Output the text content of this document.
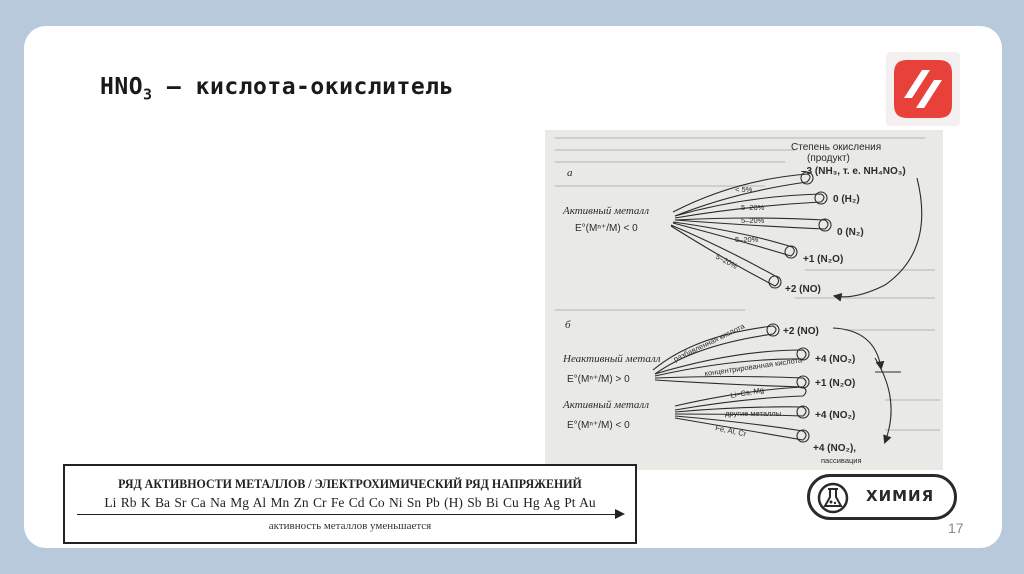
$HNO_3$ – кислота-окислитель
Степень окисления
(продукт)
а
Активный металл
E°(Mⁿ⁺/M) < 0
< 5%
5–20%
5–20%
5–20%
5–20%
–3 (NH₃, т. е. NH₄NO₃)
0 (H₂)
0 (N₂)
+1 (N₂O)
+2 (NO)
б
Неактивный металл
E°(Mⁿ⁺/M) > 0
Активный металл
E°(Mⁿ⁺/M) < 0
разбавленная кислота
концентрированная кислота
Li–Cs, Mg
другие металлы
Fe, Al, Cr
+2 (NO)
+4 (NO₂)
+1 (N₂O)
+4 (NO₂)
+4 (NO₂),
пассивация
РЯД АКТИВНОСТИ МЕТАЛЛОВ / ЭЛЕКТРОХИМИЧЕСКИЙ РЯД НАПРЯЖЕНИЙ
Li Rb K Ba Sr Ca Na Mg Al Mn Zn Cr Fe Cd Co Ni Sn Pb (H) Sb Bi Cu Hg Ag Pt Au
активность металлов уменьшается
ХИМИЯ
17
